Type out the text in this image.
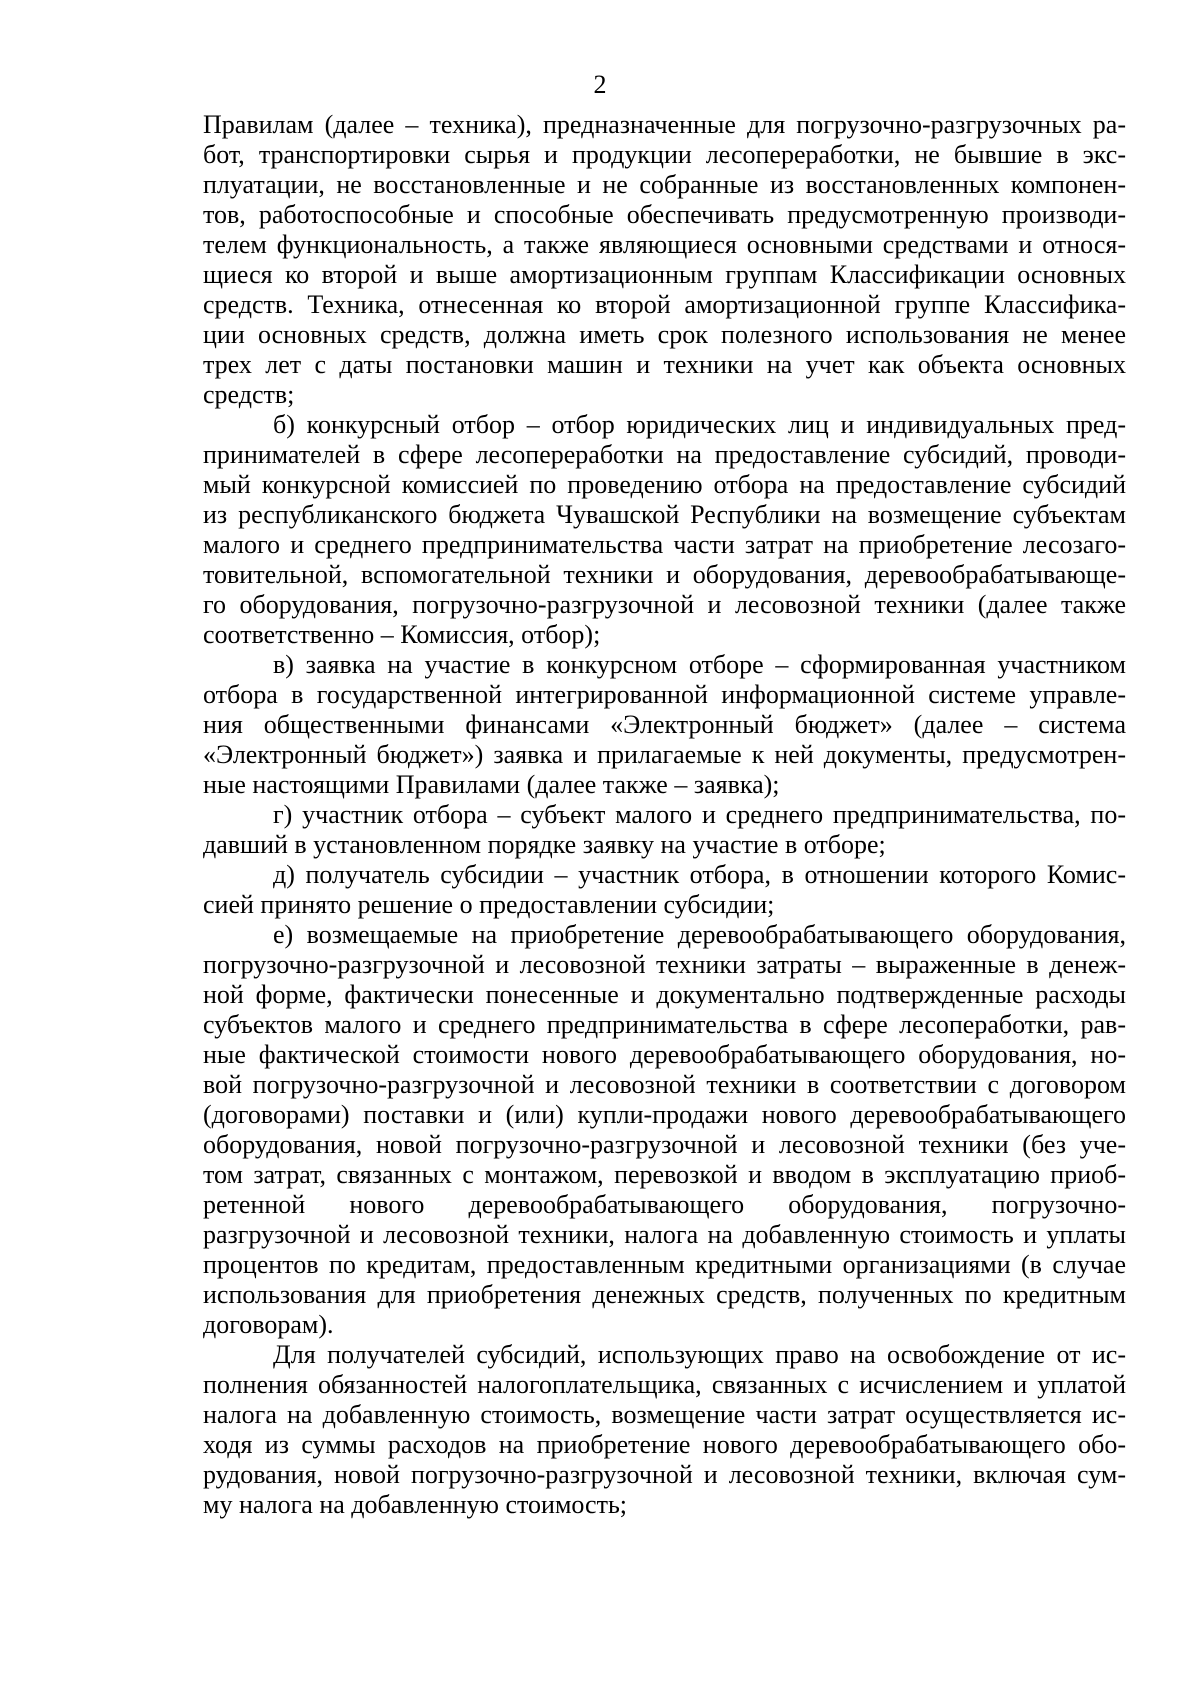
2
Правилам (далее – техника), предназначенные для погрузочно-разгрузочных ра-
бот, транспортировки сырья и продукции лесопереработки, не бывшие в экс-
плуатации, не восстановленные и не собранные из восстановленных компонен-
тов, работоспособные и способные обеспечивать предусмотренную производи-
телем функциональность, а также являющиеся основными средствами и относя-
щиеся ко второй и выше амортизационным группам Классификации основных
средств. Техника, отнесенная ко второй амортизационной группе Классифика-
ции основных средств, должна иметь срок полезного использования не менее
трех лет с даты постановки машин и техники на учет как объекта основных
средств;
б) конкурсный отбор – отбор юридических лиц и индивидуальных пред-
принимателей в сфере лесопереработки на предоставление субсидий, проводи-
мый конкурсной комиссией по проведению отбора на предоставление субсидий
из республиканского бюджета Чувашской Республики на возмещение субъектам
малого и среднего предпринимательства части затрат на приобретение лесозаго-
товительной, вспомогательной техники и оборудования, деревообрабатывающе-
го оборудования, погрузочно-разгрузочной и лесовозной техники (далее также
соответственно – Комиссия, отбор);
в) заявка на участие в конкурсном отборе – сформированная участником
отбора в государственной интегрированной информационной системе управле-
ния общественными финансами «Электронный бюджет» (далее – система
«Электронный бюджет») заявка и прилагаемые к ней документы, предусмотрен-
ные настоящими Правилами (далее также – заявка);
г) участник отбора – субъект малого и среднего предпринимательства, по-
давший в установленном порядке заявку на участие в отборе;
д) получатель субсидии – участник отбора, в отношении которого Комис-
сией принято решение о предоставлении субсидии;
е) возмещаемые на приобретение деревообрабатывающего оборудования,
погрузочно-разгрузочной и лесовозной техники затраты – выраженные в денеж-
ной форме, фактически понесенные и документально подтвержденные расходы
субъектов малого и среднего предпринимательства в сфере лесопеработки, рав-
ные фактической стоимости нового деревообрабатывающего оборудования, но-
вой погрузочно-разгрузочной и лесовозной техники в соответствии с договором
(договорами) поставки и (или) купли-продажи нового деревообрабатывающего
оборудования, новой погрузочно-разгрузочной и лесовозной техники (без уче-
том затрат, связанных с монтажом, перевозкой и вводом в эксплуатацию приоб-
ретенной нового деревообрабатывающего оборудования, погрузочно-
разгрузочной и лесовозной техники, налога на добавленную стоимость и уплаты
процентов по кредитам, предоставленным кредитными организациями (в случае
использования для приобретения денежных средств, полученных по кредитным
договорам).
Для получателей субсидий, использующих право на освобождение от ис-
полнения обязанностей налогоплательщика, связанных с исчислением и уплатой
налога на добавленную стоимость, возмещение части затрат осуществляется ис-
ходя из суммы расходов на приобретение нового деревообрабатывающего обо-
рудования, новой погрузочно-разгрузочной и лесовозной техники, включая сум-
му налога на добавленную стоимость;
